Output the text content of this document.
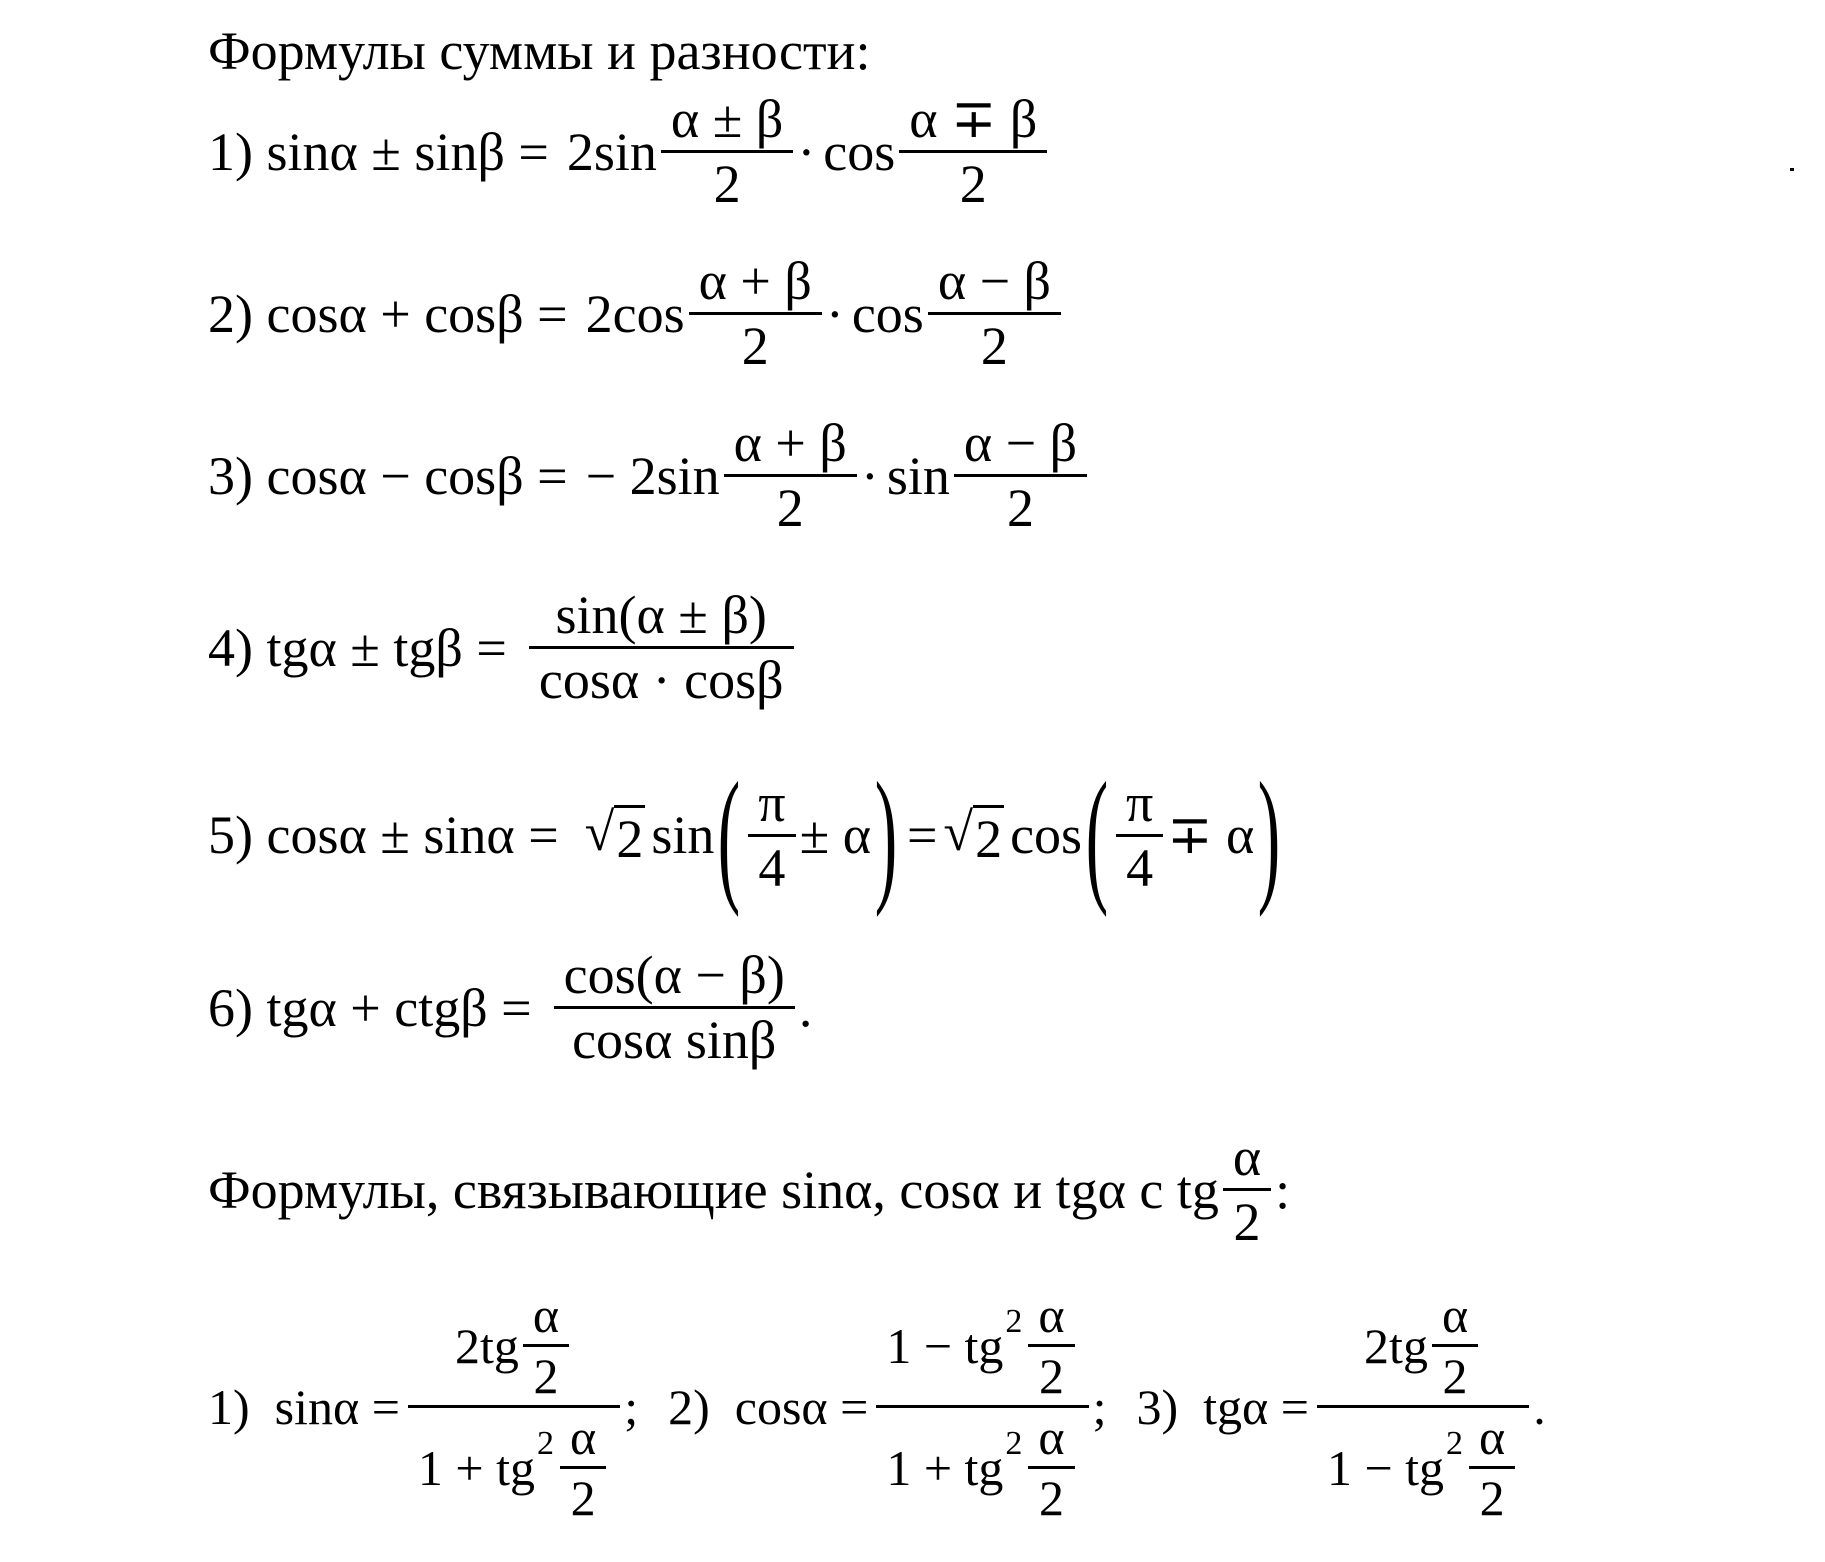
Формулы суммы и разности:
1) $\sin\alpha \pm \sin\beta = 2\sin \frac{\alpha \pm \beta}{2} \cdot \cos \frac{\alpha \mp \beta}{2}$
2) $\cos\alpha + \cos\beta = 2\cos \frac{\alpha + \beta}{2} \cdot \cos \frac{\alpha - \beta}{2}$
3) cosα − cosβ = − $2\sin \frac{\alpha + \beta}{2} \cdot \sin \frac{\alpha - \beta}{2}$
4) $tg\alpha \pm tg\beta = \frac{\sin(\alpha \pm \beta)}{\cos\alpha \cdot \cos\beta}$
5) cosα ± sinα = √ 2 sin ( $\frac{\pi}{4} \pm \alpha$ ) = √ 2 cos ( $\frac{\pi}{4} \mp \alpha$ )
6) $tg\alpha + ctg\beta = \frac{\cos(\alpha - \beta)}{\text{cosα sinβ}}$ .
Формулы, связывающие sinα, cosα и tgα с tg $\frac{\alpha}{2}$ :
1)  $\sin\alpha = \frac{2tg \frac{\alpha}{2}}{1 + tg 2 \frac{\alpha}{2}}$ ; 2)  $\cos\alpha = \frac{1 - tg 2 \frac{\alpha}{2}}{1 + tg 2 \frac{\alpha}{2}}$ ; 3)  $tg\alpha = \frac{2tg \frac{\alpha}{2}}{1 - tg 2 \frac{\alpha}{2}}$ .
